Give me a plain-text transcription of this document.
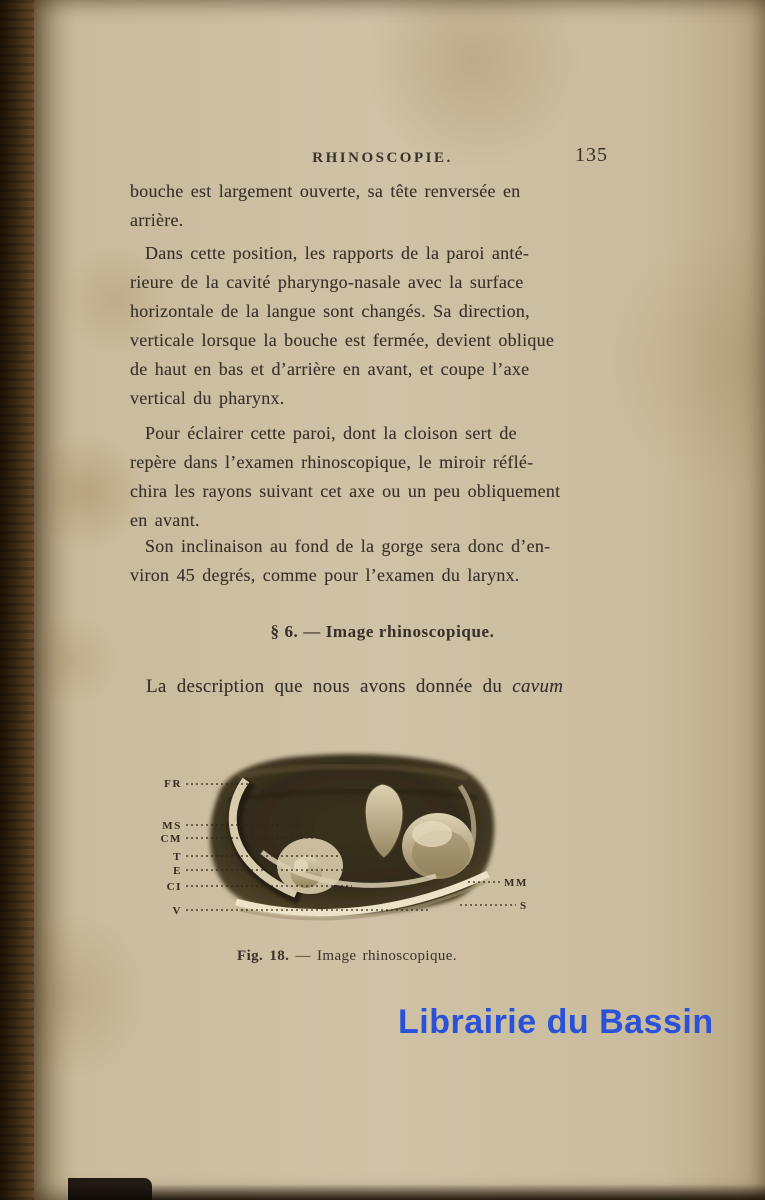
RHINOSCOPIE.	135
bouche est largement ouverte, sa tête renversée en
arrière.
Dans cette position, les rapports de la paroi anté-
rieure de la cavité pharyngo-nasale avec la surface
horizontale de la langue sont changés. Sa direction,
verticale lorsque la bouche est fermée, devient oblique
de haut en bas et d’arrière en avant, et coupe l’axe
vertical du pharynx.
Pour éclairer cette paroi, dont la cloison sert de
repère dans l’examen rhinoscopique, le miroir réflé-
chira les rayons suivant cet axe ou un peu obliquement
en avant.
Son inclinaison au fond de la gorge sera donc d’en-
viron 45 degrés, comme pour l’examen du larynx.
§ 6. — Image rhinoscopique.
La description que nous avons donnée du cavum
FR
MS
CM
T
E
CI
V
MM
S
Fig. 18. — Image rhinoscopique.
Librairie du Bassin
